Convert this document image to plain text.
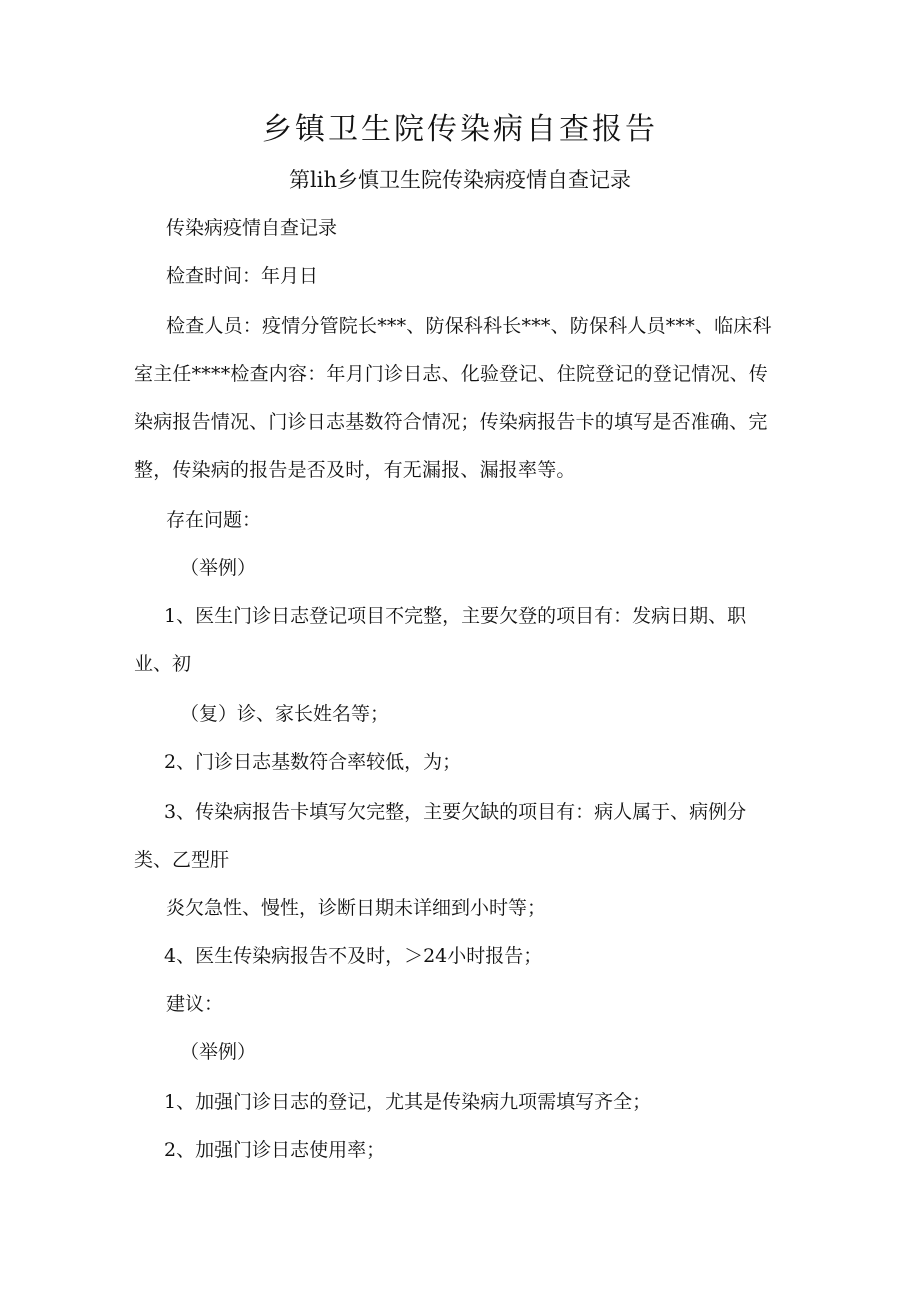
乡镇卫生院传染病自查报告

第lih乡慎卫生院传染病疫情自查记录

传染病疫情自查记录

检查时间：年月日

检查人员：疫情分管院长***、防保科科长***、防保科人员***、临床科室主任****检查内容：年月门诊日志、化验登记、住院登记的登记情况、传染病报告情况、门诊日志基数符合情况；传染病报告卡的填写是否准确、完整，传染病的报告是否及时，有无漏报、漏报率等。

存在问题：

（举例）

1、医生门诊日志登记项目不完整，主要欠登的项目有：发病日期、职业、初

（复）诊、家长姓名等；

2、门诊日志基数符合率较低，为；

3、传染病报告卡填写欠完整，主要欠缺的项目有：病人属于、病例分类、乙型肝

炎欠急性、慢性，诊断日期未详细到小时等；

4、医生传染病报告不及时，＞24小时报告；

建议：

（举例）

1、加强门诊日志的登记，尤其是传染病九项需填写齐全；

2、加强门诊日志使用率；
